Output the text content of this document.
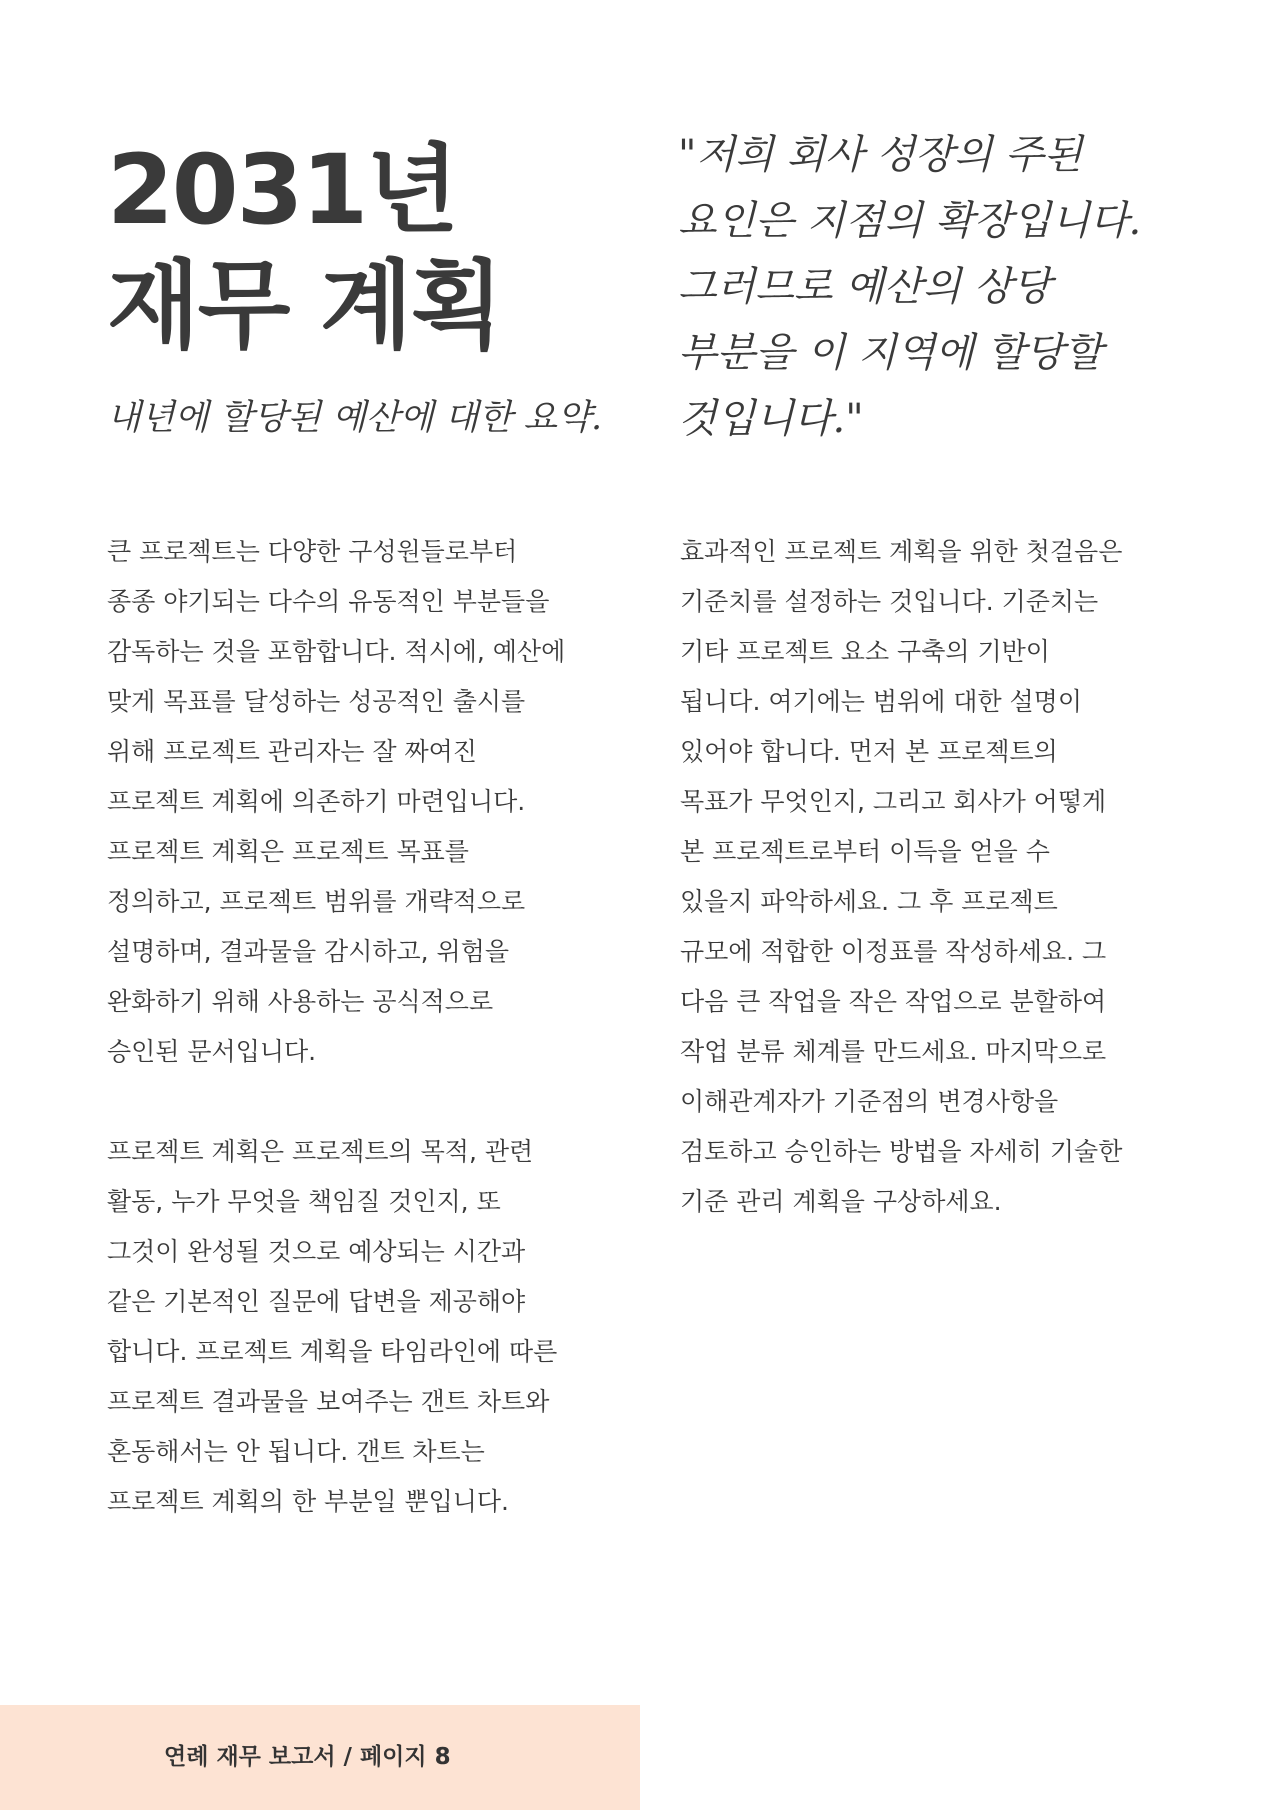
2031년
재무 계획

내년에 할당된 예산에 대한 요약.

"저희 회사 성장의 주된
요인은 지점의 확장입니다.
그러므로 예산의 상당
부분을 이 지역에 할당할
것입니다."

큰 프로젝트는 다양한 구성원들로부터
종종 야기되는 다수의 유동적인 부분들을
감독하는 것을 포함합니다. 적시에, 예산에
맞게 목표를 달성하는 성공적인 출시를
위해 프로젝트 관리자는 잘 짜여진
프로젝트 계획에 의존하기 마련입니다.
프로젝트 계획은 프로젝트 목표를
정의하고, 프로젝트 범위를 개략적으로
설명하며, 결과물을 감시하고, 위험을
완화하기 위해 사용하는 공식적으로
승인된 문서입니다.

프로젝트 계획은 프로젝트의 목적, 관련
활동, 누가 무엇을 책임질 것인지, 또
그것이 완성될 것으로 예상되는 시간과
같은 기본적인 질문에 답변을 제공해야
합니다. 프로젝트 계획을 타임라인에 따른
프로젝트 결과물을 보여주는 갠트 차트와
혼동해서는 안 됩니다. 갠트 차트는
프로젝트 계획의 한 부분일 뿐입니다.

효과적인 프로젝트 계획을 위한 첫걸음은
기준치를 설정하는 것입니다. 기준치는
기타 프로젝트 요소 구축의 기반이
됩니다. 여기에는 범위에 대한 설명이
있어야 합니다. 먼저 본 프로젝트의
목표가 무엇인지, 그리고 회사가 어떻게
본 프로젝트로부터 이득을 얻을 수
있을지 파악하세요. 그 후 프로젝트
규모에 적합한 이정표를 작성하세요. 그
다음 큰 작업을 작은 작업으로 분할하여
작업 분류 체계를 만드세요. 마지막으로
이해관계자가 기준점의 변경사항을
검토하고 승인하는 방법을 자세히 기술한
기준 관리 계획을 구상하세요.

연례 재무 보고서 / 페이지 8
